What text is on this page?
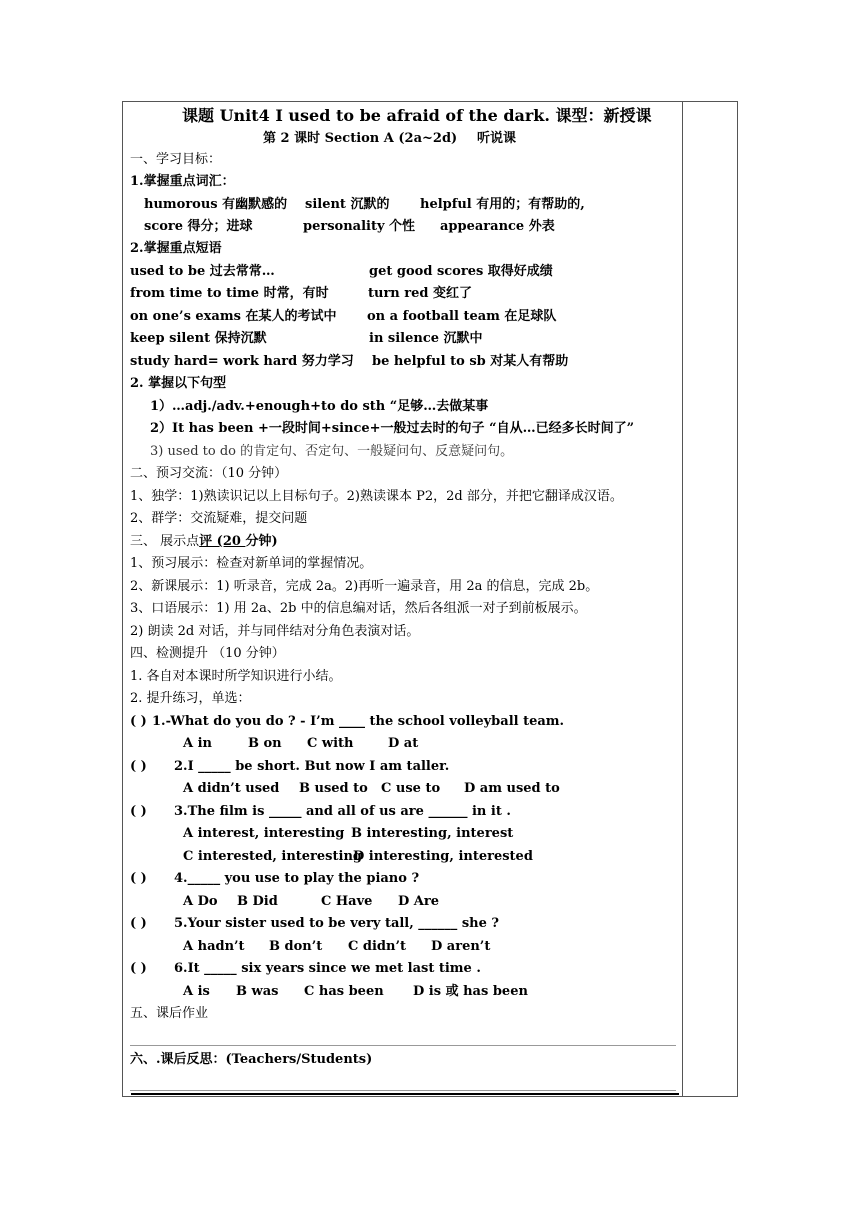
课题 Unit4 I used to be afraid of the dark. 课型：新授课
第 2 课时 Section A (2a~2d) 听说课
一、学习目标：
1.掌握重点词汇：
humorous 有幽默感的 silent 沉默的 helpful 有用的；有帮助的,
score 得分；进球	personality 个性 appearance 外表
2.掌握重点短语
used to be 过去常常…	get good scores 取得好成绩
from time to time 时常，有时	turn red 变红了
on one’s exams 在某人的考试中 on a football team 在足球队
keep silent 保持沉默	in silence 沉默中
study hard= work hard 努力学习 be helpful to sb 对某人有帮助
2. 掌握以下句型
1）…adj./adv.+enough+to do sth “足够…去做某事
2）It has been +一段时间+since+一般过去时的句子 “自从…已经多长时间了”
3) used to do 的肯定句、否定句、一般疑问句、反意疑问句。
二、预习交流：（10 分钟）
1、独学：1)熟读识记以上目标句子。2)熟读课本 P2，2d 部分，并把它翻译成汉语。
2、群学：交流疑难，提交问题
三、 展示点评 (20 分钟)
1、预习展示：检查对新单词的掌握情况。
2、新课展示：1) 听录音，完成 2a。2)再听一遍录音，用 2a 的信息，完成 2b。
3、口语展示：1) 用 2a、2b 中的信息编对话，然后各组派一对子到前板展示。
2) 朗读 2d 对话，并与同伴结对分角色表演对话。
四、检测提升 （10 分钟）
1. 各自对本课时所学知识进行小结。
2. 提升练习，单选：
( ) 1.-What do you do ? - I’m ____ the school volleyball team.
A in	B on C with	D at
( ) 2.I _____ be short. But now I am taller.
A didn’t used B used to C use to D am used to
( ) 3.The film is _____ and all of us are ______ in it .
A interest, interesting B interesting, interest
C interested, interesting
D interesting, interested
( ) 4._____ you use to play the piano ?
A Do B Did	C Have D Are
( ) 5.Your sister used to be very tall, ______ she ?
A hadn’t B don’t C didn’t D aren’t
( ) 6.It _____ six years since we met last time .
A is B was C has been D is 或 has been
五、课后作业
六、.课后反思：(Teachers/Students)
